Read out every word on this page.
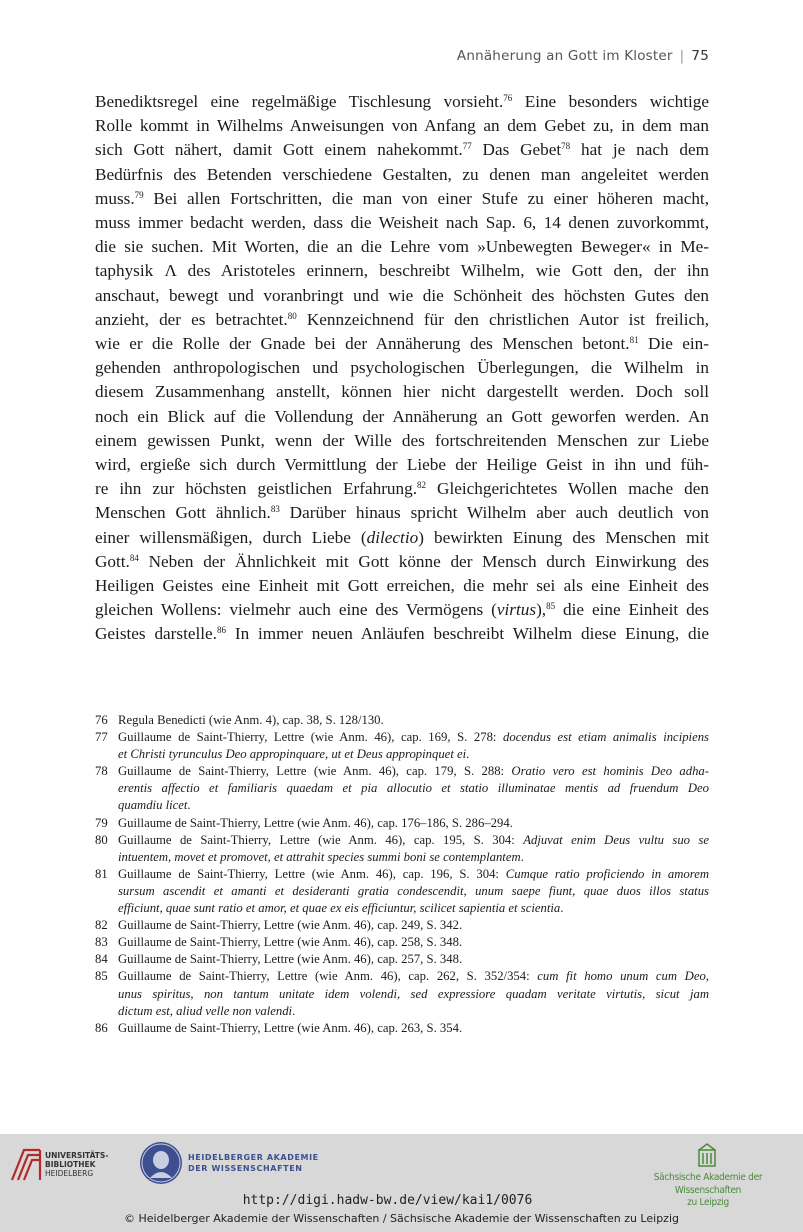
Annäherung an Gott im Kloster | 75
Benediktsregel eine regelmäßige Tischlesung vorsieht.$^{76}$ Eine besonders wichtige
Rolle kommt in Wilhelms Anweisungen von Anfang an dem Gebet zu, in dem man
sich Gott nähert, damit Gott einem nahekommt.$^{77}$ Das Gebet$^{78}$ hat je nach dem
Bedürfnis des Betenden verschiedene Gestalten, zu denen man angeleitet werden
muss.$^{79}$ Bei allen Fortschritten, die man von einer Stufe zu einer höheren macht,
muss immer bedacht werden, dass die Weisheit nach Sap. 6, 14 denen zuvorkommt,
die sie suchen. Mit Worten, die an die Lehre vom »Unbewegten Beweger« in Me-
taphysik Λ des Aristoteles erinnern, beschreibt Wilhelm, wie Gott den, der ihn
anschaut, bewegt und voranbringt und wie die Schönheit des höchsten Gutes den
anzieht, der es betrachtet.$^{80}$ Kennzeichnend für den christlichen Autor ist freilich,
wie er die Rolle der Gnade bei der Annäherung des Menschen betont.$^{81}$ Die ein-
gehenden anthropologischen und psychologischen Überlegungen, die Wilhelm in
diesem Zusammenhang anstellt, können hier nicht dargestellt werden. Doch soll
noch ein Blick auf die Vollendung der Annäherung an Gott geworfen werden. An
einem gewissen Punkt, wenn der Wille des fortschreitenden Menschen zur Liebe
wird, ergieße sich durch Vermittlung der Liebe der Heilige Geist in ihn und füh-
re ihn zur höchsten geistlichen Erfahrung.$^{82}$ Gleichgerichtetes Wollen mache den
Menschen Gott ähnlich.$^{83}$ Darüber hinaus spricht Wilhelm aber auch deutlich von
einer willensmäßigen, durch Liebe (dilectio) bewirkten Einung des Menschen mit
Gott.$^{84}$ Neben der Ähnlichkeit mit Gott könne der Mensch durch Einwirkung des
Heiligen Geistes eine Einheit mit Gott erreichen, die mehr sei als eine Einheit des
gleichen Wollens: vielmehr auch eine des Vermögens (virtus),$^{85}$ die eine Einheit des
Geistes darstelle.$^{86}$ In immer neuen Anläufen beschreibt Wilhelm diese Einung, die
76 Regula Benedicti (wie Anm. 4), cap. 38, S. 128/130.
77 Guillaume de Saint-Thierry, Lettre (wie Anm. 46), cap. 169, S. 278: docendus est etiam animalis incipiens
et Christi tyrunculus Deo appropinquare, ut et Deus appropinquet ei.
78 Guillaume de Saint-Thierry, Lettre (wie Anm. 46), cap. 179, S. 288: Oratio vero est hominis Deo adha-
erentis affectio et familiaris quaedam et pia allocutio et statio illuminatae mentis ad fruendum Deo
quamdiu licet.
79 Guillaume de Saint-Thierry, Lettre (wie Anm. 46), cap. 176–186, S. 286–294.
80 Guillaume de Saint-Thierry, Lettre (wie Anm. 46), cap. 195, S. 304: Adjuvat enim Deus vultu suo se
intuentem, movet et promovet, et attrahit species summi boni se contemplantem.
81 Guillaume de Saint-Thierry, Lettre (wie Anm. 46), cap. 196, S. 304: Cumque ratio proficiendo in amorem
sursum ascendit et amanti et desideranti gratia condescendit, unum saepe fiunt, quae duos illos status
efficiunt, quae sunt ratio et amor, et quae ex eis efficiuntur, scilicet sapientia et scientia.
82 Guillaume de Saint-Thierry, Lettre (wie Anm. 46), cap. 249, S. 342.
83 Guillaume de Saint-Thierry, Lettre (wie Anm. 46), cap. 258, S. 348.
84 Guillaume de Saint-Thierry, Lettre (wie Anm. 46), cap. 257, S. 348.
85 Guillaume de Saint-Thierry, Lettre (wie Anm. 46), cap. 262, S. 352/354: cum fit homo unum cum Deo,
unus spiritus, non tantum unitate idem volendi, sed expressiore quadam veritate virtutis, sicut jam
dictum est, aliud velle non valendi.
86 Guillaume de Saint-Thierry, Lettre (wie Anm. 46), cap. 263, S. 354.
UNIVERSITÄTS-
BIBLIOTHEK
HEIDELBERG
HEIDELBERGER AKADEMIE
DER WISSENSCHAFTEN
Sächsische Akademie der Wissenschaften
zu Leipzig
http://digi.hadw-bw.de/view/kai1/0076
© Heidelberger Akademie der Wissenschaften / Sächsische Akademie der Wissenschaften zu Leipzig
